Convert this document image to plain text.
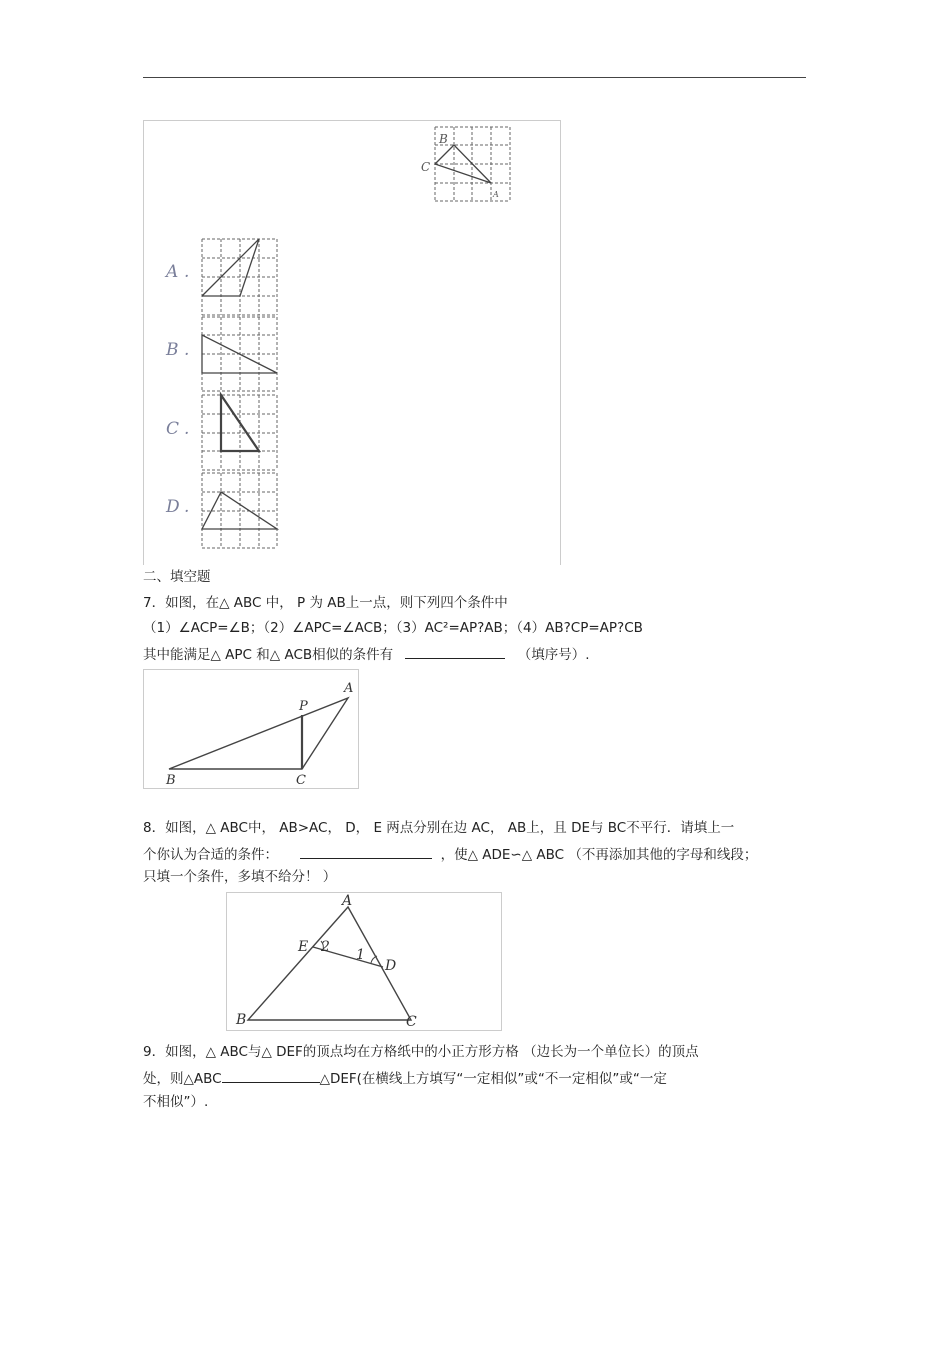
B
C
A
A .
B .
C .
D .
二、填空题
7．如图，在△ ABC 中， P 为 AB上一点，则下列四个条件中
（1）∠ACP=∠B；（2）∠APC=∠ACB；（3）AC²=AP?AB；（4）AB?CP=AP?CB
其中能满足△ APC 和△ ACB相似的条件有	（填序号）.
A
P
B	C
8．如图，△ ABC中， AB>AC， D， E 两点分别在边 AC， AB上，且 DE与 BC不平行．请填上一
个你认为合适的条件：	，使△ ADE∽△ ABC （不再添加其他的字母和线段；
只填一个条件，多填不给分！ ）
A
E 2 1
D
B	C
9．如图，△ ABC与△ DEF的顶点均在方格纸中的小正方形方格 （边长为一个单位长）的顶点
处，则△ABC	△DEF(在横线上方填写“一定相似”或“不一定相似”或“一定
不相似”）.
